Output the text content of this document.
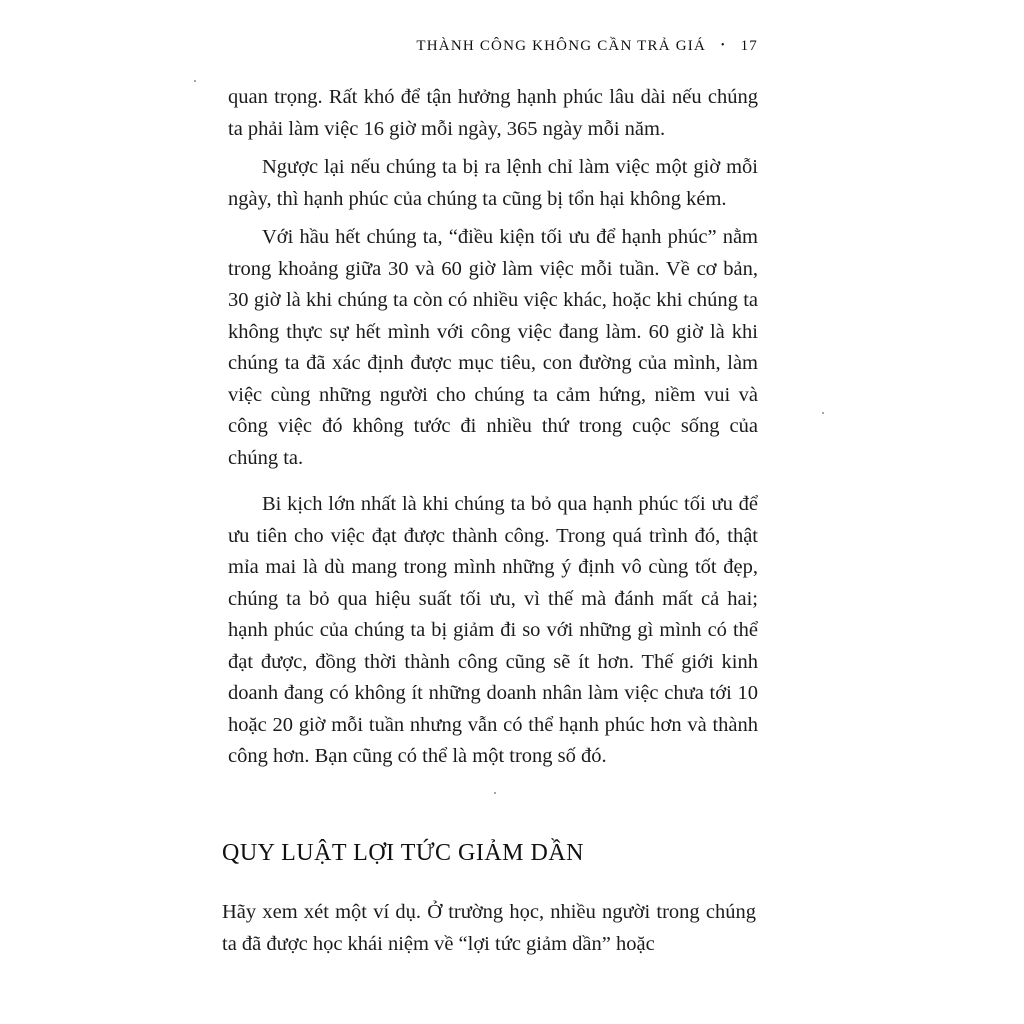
THÀNH CÔNG KHÔNG CẦN TRẢ GIÁ • 17

quan trọng. Rất khó để tận hưởng hạnh phúc lâu dài nếu chúng ta phải làm việc 16 giờ mỗi ngày, 365 ngày mỗi năm.

Ngược lại nếu chúng ta bị ra lệnh chỉ làm việc một giờ mỗi ngày, thì hạnh phúc của chúng ta cũng bị tổn hại không kém.

Với hầu hết chúng ta, “điều kiện tối ưu để hạnh phúc” nằm trong khoảng giữa 30 và 60 giờ làm việc mỗi tuần. Về cơ bản, 30 giờ là khi chúng ta còn có nhiều việc khác, hoặc khi chúng ta không thực sự hết mình với công việc đang làm. 60 giờ là khi chúng ta đã xác định được mục tiêu, con đường của mình, làm việc cùng những người cho chúng ta cảm hứng, niềm vui và công việc đó không tước đi nhiều thứ trong cuộc sống của chúng ta.

Bi kịch lớn nhất là khi chúng ta bỏ qua hạnh phúc tối ưu để ưu tiên cho việc đạt được thành công. Trong quá trình đó, thật mỉa mai là dù mang trong mình những ý định vô cùng tốt đẹp, chúng ta bỏ qua hiệu suất tối ưu, vì thế mà đánh mất cả hai; hạnh phúc của chúng ta bị giảm đi so với những gì mình có thể đạt được, đồng thời thành công cũng sẽ ít hơn. Thế giới kinh doanh đang có không ít những doanh nhân làm việc chưa tới 10 hoặc 20 giờ mỗi tuần nhưng vẫn có thể hạnh phúc hơn và thành công hơn. Bạn cũng có thể là một trong số đó.

QUY LUẬT LỢI TỨC GIẢM DẦN

Hãy xem xét một ví dụ. Ở trường học, nhiều người trong chúng ta đã được học khái niệm về “lợi tức giảm dần” hoặc
